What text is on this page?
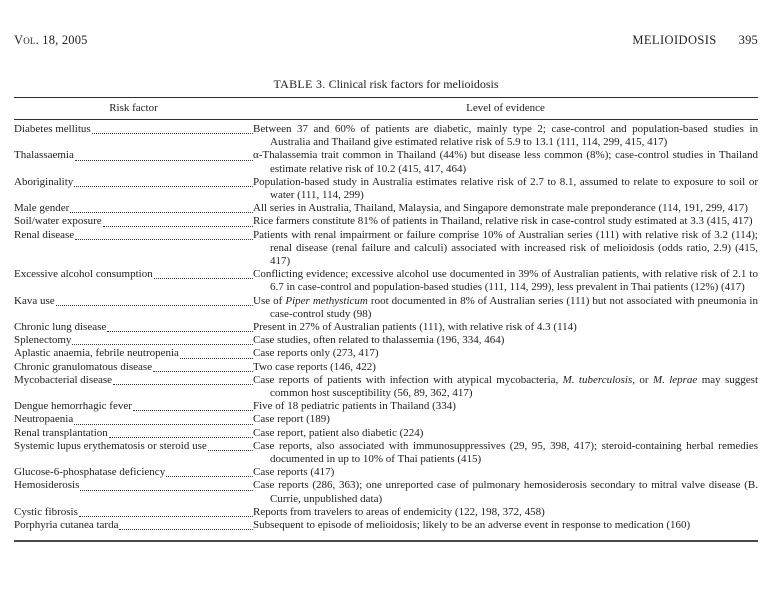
Vol. 18, 2005	MELIOIDOSIS 395
TABLE 3. Clinical risk factors for melioidosis
Risk factor	Level of evidence
Diabetes mellitus	Between 37 and 60% of patients are diabetic, mainly type 2; case-control and population-based studies in Australia and Thailand give estimated relative risk of 5.9 to 13.1 (111, 114, 299, 415, 417)
Thalassaemia	α-Thalassemia trait common in Thailand (44%) but disease less common (8%); case-control studies in Thailand estimate relative risk of 10.2 (415, 417, 464)
Aboriginality	Population-based study in Australia estimates relative risk of 2.7 to 8.1, assumed to relate to exposure to soil or water (111, 114, 299)
Male gender	All series in Australia, Thailand, Malaysia, and Singapore demonstrate male preponderance (114, 191, 299, 417)
Soil/water exposure	Rice farmers constitute 81% of patients in Thailand, relative risk in case-control study estimated at 3.3 (415, 417)
Renal disease	Patients with renal impairment or failure comprise 10% of Australian series (111) with relative risk of 3.2 (114); renal disease (renal failure and calculi) associated with increased risk of melioidosis (odds ratio, 2.9) (415, 417)
Excessive alcohol consumption	Conflicting evidence; excessive alcohol use documented in 39% of Australian patients, with relative risk of 2.1 to 6.7 in case-control and population-based studies (111, 114, 299), less prevalent in Thai patients (12%) (417)
Kava use	Use of Piper methysticum root documented in 8% of Australian series (111) but not associated with pneumonia in case-control study (98)
Chronic lung disease	Present in 27% of Australian patients (111), with relative risk of 4.3 (114)
Splenectomy	Case studies, often related to thalassemia (196, 334, 464)
Aplastic anaemia, febrile neutropenia	Case reports only (273, 417)
Chronic granulomatous disease	Two case reports (146, 422)
Mycobacterial disease	Case reports of patients with infection with atypical mycobacteria, M. tuberculosis, or M. leprae may suggest common host susceptibility (56, 89, 362, 417)
Dengue hemorrhagic fever	Five of 18 pediatric patients in Thailand (334)
Neutropaenia	Case report (189)
Renal transplantation	Case report, patient also diabetic (224)
Systemic lupus erythematosis or steroid use	Case reports, also associated with immunosuppressives (29, 95, 398, 417); steroid-containing herbal remedies documented in up to 10% of Thai patients (415)
Glucose-6-phosphatase deficiency	Case reports (417)
Hemosiderosis	Case reports (286, 363); one unreported case of pulmonary hemosiderosis secondary to mitral valve disease (B. Currie, unpublished data)
Cystic fibrosis	Reports from travelers to areas of endemicity (122, 198, 372, 458)
Porphyria cutanea tarda	Subsequent to episode of melioidosis; likely to be an adverse event in response to medication (160)
